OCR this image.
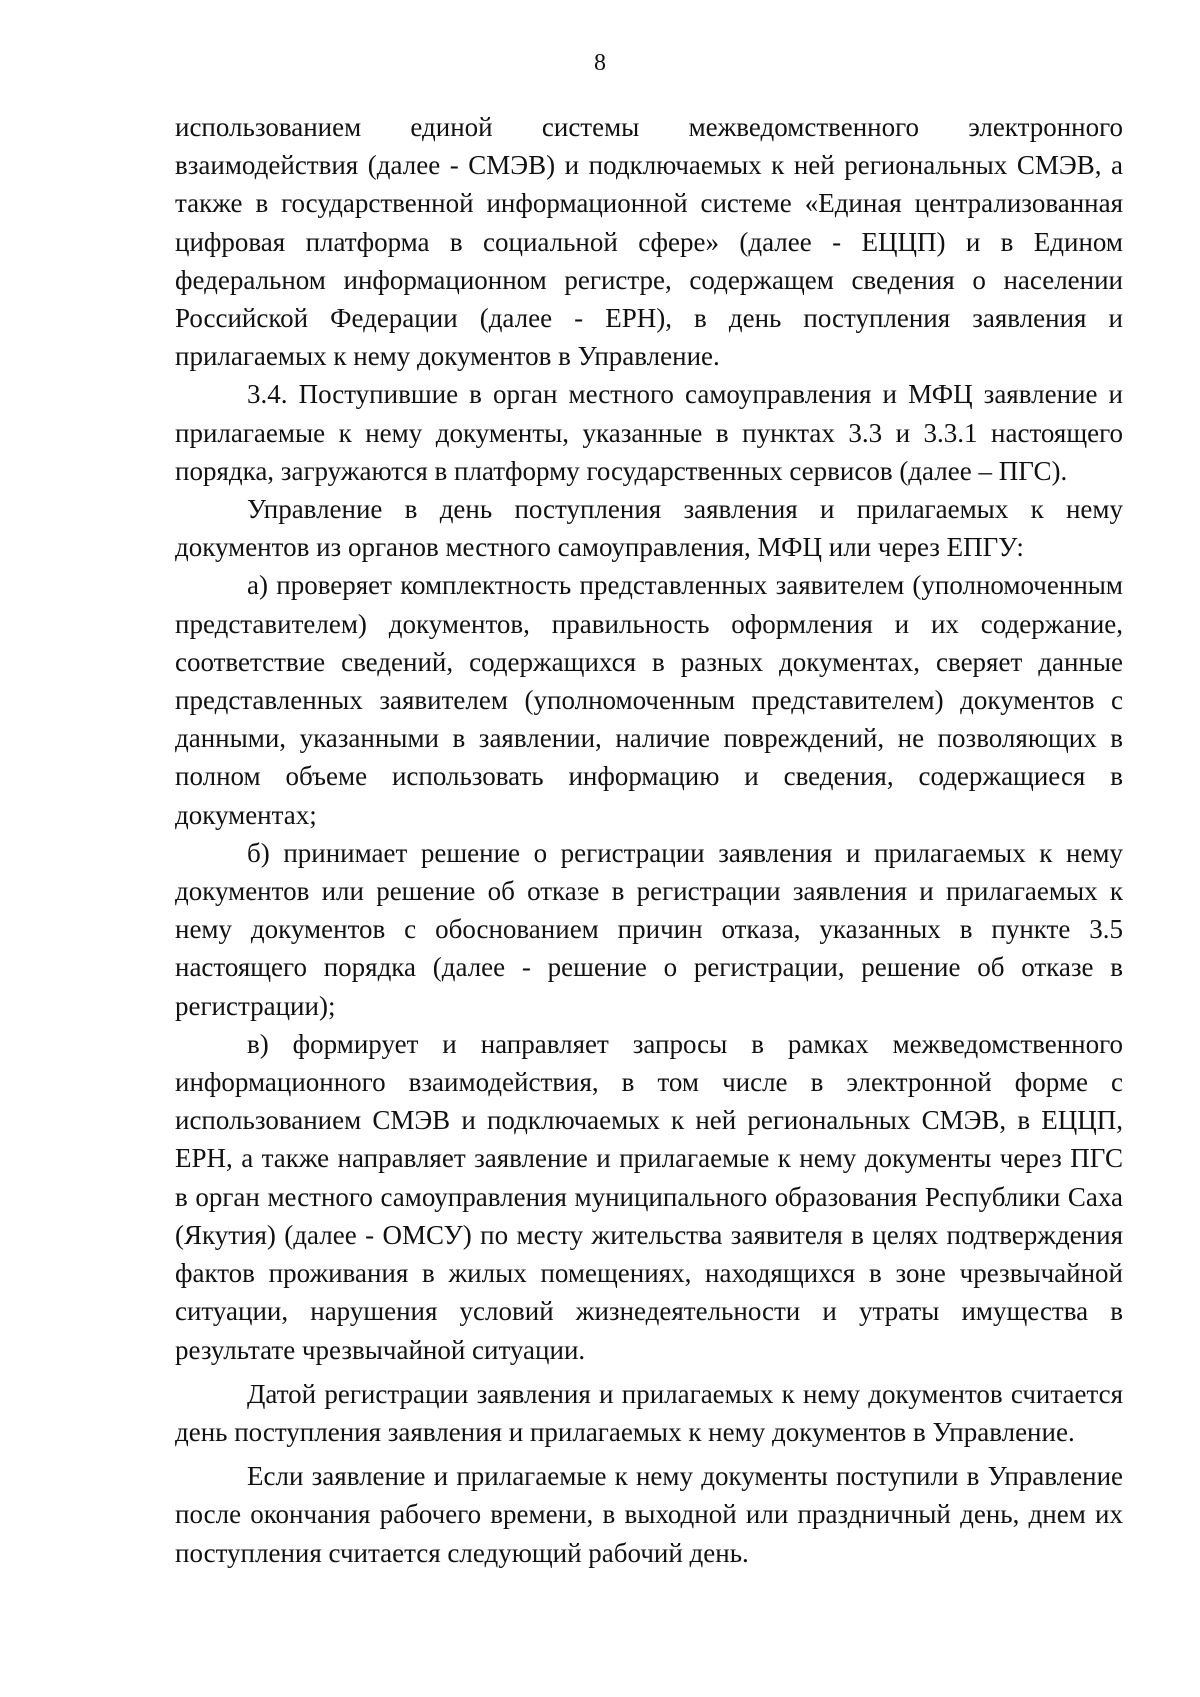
8

использованием единой системы межведомственного электронного взаимодействия (далее - СМЭВ) и подключаемых к ней региональных СМЭВ, а также в государственной информационной системе «Единая централизованная цифровая платформа в социальной сфере» (далее - ЕЦЦП) и в Едином федеральном информационном регистре, содержащем сведения о населении Российской Федерации (далее - ЕРН), в день поступления заявления и прилагаемых к нему документов в Управление.

3.4. Поступившие в орган местного самоуправления и МФЦ заявление и прилагаемые к нему документы, указанные в пунктах 3.3 и 3.3.1 настоящего порядка, загружаются в платформу государственных сервисов (далее – ПГС).

Управление в день поступления заявления и прилагаемых к нему документов из органов местного самоуправления, МФЦ или через ЕПГУ:

а) проверяет комплектность представленных заявителем (уполномоченным представителем) документов, правильность оформления и их содержание, соответствие сведений, содержащихся в разных документах, сверяет данные представленных заявителем (уполномоченным представителем) документов с данными, указанными в заявлении, наличие повреждений, не позволяющих в полном объеме использовать информацию и сведения, содержащиеся в документах;

б) принимает решение о регистрации заявления и прилагаемых к нему документов или решение об отказе в регистрации заявления и прилагаемых к нему документов с обоснованием причин отказа, указанных в пункте 3.5 настоящего порядка (далее - решение о регистрации, решение об отказе в регистрации);

в) формирует и направляет запросы в рамках межведомственного информационного взаимодействия, в том числе в электронной форме с использованием СМЭВ и подключаемых к ней региональных СМЭВ, в ЕЦЦП, ЕРН, а также направляет заявление и прилагаемые к нему документы через ПГС в орган местного самоуправления муниципального образования Республики Саха (Якутия) (далее - ОМСУ) по месту жительства заявителя в целях подтверждения фактов проживания в жилых помещениях, находящихся в зоне чрезвычайной ситуации, нарушения условий жизнедеятельности и утраты имущества в результате чрезвычайной ситуации.

Датой регистрации заявления и прилагаемых к нему документов считается день поступления заявления и прилагаемых к нему документов в Управление.

Если заявление и прилагаемые к нему документы поступили в Управление после окончания рабочего времени, в выходной или праздничный день, днем их поступления считается следующий рабочий день.
